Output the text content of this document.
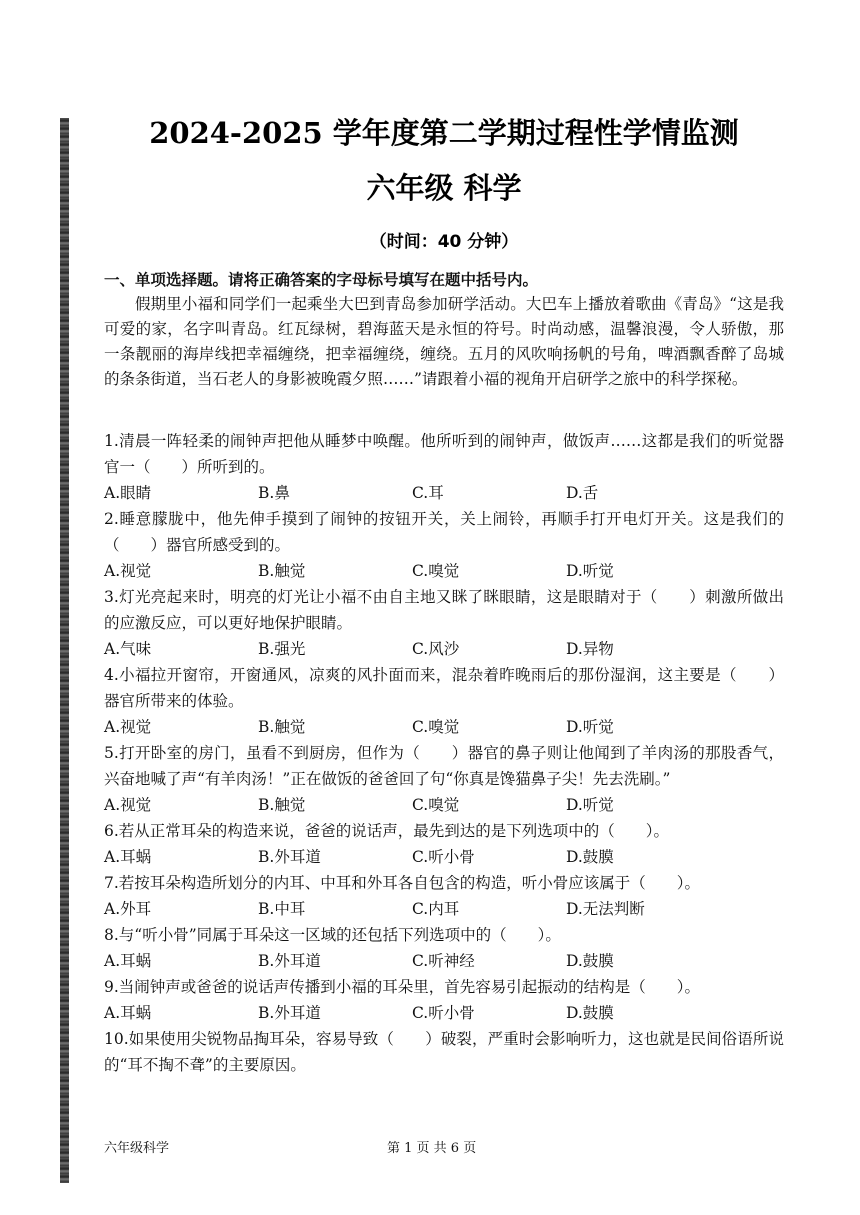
2024-2025 学年度第二学期过程性学情监测
六年级 科学
（时间：40 分钟）
一、单项选择题。请将正确答案的字母标号填写在题中括号内。

假期里小福和同学们一起乘坐大巴到青岛参加研学活动。大巴车上播放着歌曲《青岛》“这是我可爱的家，名字叫青岛。红瓦绿树，碧海蓝天是永恒的符号。时尚动感，温馨浪漫，令人骄傲，那一条靓丽的海岸线把幸福缠绕，把幸福缠绕，缠绕。五月的风吹响扬帆的号角，啤酒飘香醉了岛城的条条街道，当石老人的身影被晚霞夕照……”请跟着小福的视角开启研学之旅中的科学探秘。

1.清晨一阵轻柔的闹钟声把他从睡梦中唤醒。他所听到的闹钟声，做饭声……这都是我们的听觉器官一（　　）所听到的。

A.眼睛	B.鼻	C.耳	D.舌

2.睡意朦胧中，他先伸手摸到了闹钟的按钮开关，关上闹铃，再顺手打开电灯开关。这是我们的（　　）器官所感受到的。

A.视觉	B.触觉	C.嗅觉	D.听觉

3.灯光亮起来时，明亮的灯光让小福不由自主地又眯了眯眼睛，这是眼睛对于（　　）刺激所做出的应激反应，可以更好地保护眼睛。

A.气味	B.强光	C.风沙	D.异物

4.小福拉开窗帘，开窗通风，凉爽的风扑面而来，混杂着昨晚雨后的那份湿润，这主要是（　　）器官所带来的体验。

A.视觉	B.触觉	C.嗅觉	D.听觉

5.打开卧室的房门，虽看不到厨房，但作为（　　）器官的鼻子则让他闻到了羊肉汤的那股香气，兴奋地喊了声“有羊肉汤！”正在做饭的爸爸回了句“你真是馋猫鼻子尖！先去洗刷。”

A.视觉	B.触觉	C.嗅觉	D.听觉

6.若从正常耳朵的构造来说，爸爸的说话声，最先到达的是下列选项中的（　　）。

A.耳蜗	B.外耳道	C.听小骨	D.鼓膜

7.若按耳朵构造所划分的内耳、中耳和外耳各自包含的构造，听小骨应该属于（　　）。

A.外耳	B.中耳	C.内耳	D.无法判断

8.与“听小骨”同属于耳朵这一区域的还包括下列选项中的（　　）。

A.耳蜗	B.外耳道	C.听神经	D.鼓膜

9.当闹钟声或爸爸的说话声传播到小福的耳朵里，首先容易引起振动的结构是（　　）。

A.耳蜗	B.外耳道	C.听小骨	D.鼓膜

10.如果使用尖锐物品掏耳朵，容易导致（　　）破裂，严重时会影响听力，这也就是民间俗语所说的“耳不掏不聋”的主要原因。

六年级科学	第 1 页 共 6 页
